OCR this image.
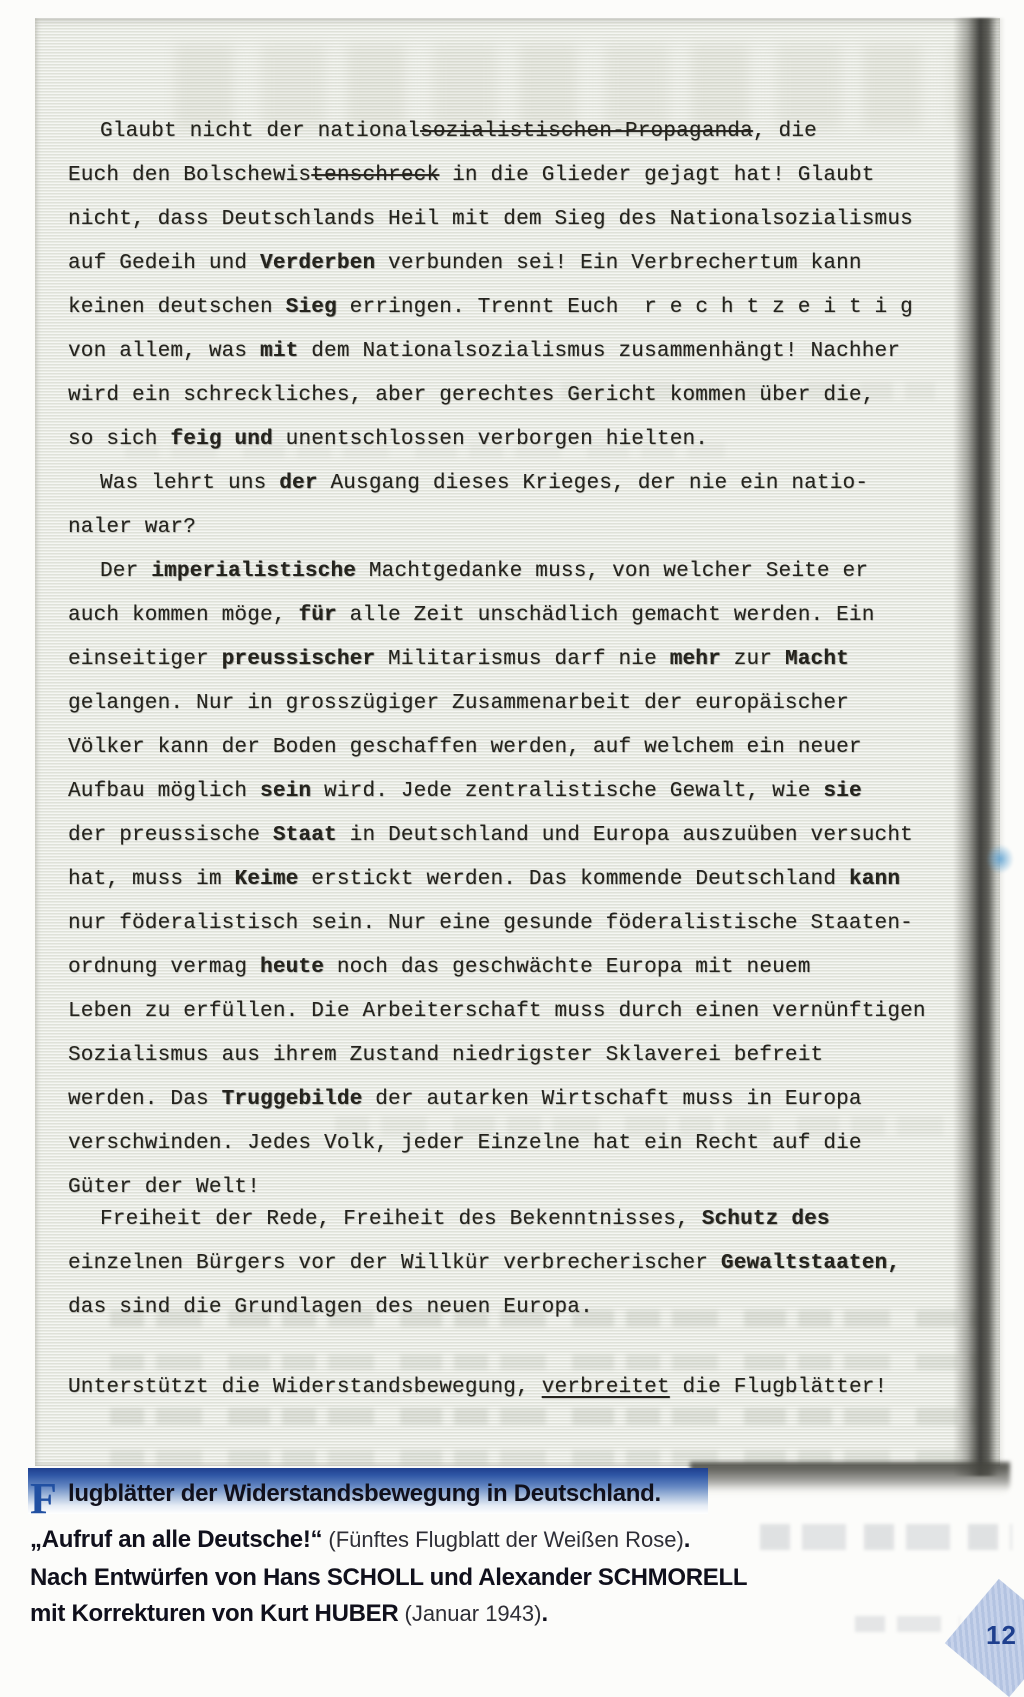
Glaubt nicht der nationalsozialistischen-Propaganda, die
Euch den Bolschewistenschreck in die Glieder gejagt hat! Glaubt
nicht, dass Deutschlands Heil mit dem Sieg des Nationalsozialismus
auf Gedeih und Verderben verbunden sei! Ein Verbrechertum kann
keinen deutschen Sieg erringen. Trennt Euch  r e c h t z e i t i g
von allem, was mit dem Nationalsozialismus zusammenhängt! Nachher
wird ein schreckliches, aber gerechtes Gericht kommen über die,
so sich feig und unentschlossen verborgen hielten.
Was lehrt uns der Ausgang dieses Krieges, der nie ein natio-
naler war?
Der imperialistische Machtgedanke muss, von welcher Seite er
auch kommen möge, für alle Zeit unschädlich gemacht werden. Ein
einseitiger preussischer Militarismus darf nie mehr zur Macht
gelangen. Nur in grosszügiger Zusammenarbeit der europäischer
Völker kann der Boden geschaffen werden, auf welchem ein neuer
Aufbau möglich sein wird. Jede zentralistische Gewalt, wie sie
der preussische Staat in Deutschland und Europa auszuüben versucht
hat, muss im Keime erstickt werden. Das kommende Deutschland kann
nur föderalistisch sein. Nur eine gesunde föderalistische Staaten-
ordnung vermag heute noch das geschwächte Europa mit neuem
Leben zu erfüllen. Die Arbeiterschaft muss durch einen vernünftigen
Sozialismus aus ihrem Zustand niedrigster Sklaverei befreit
werden. Das Truggebilde der autarken Wirtschaft muss in Europa
verschwinden. Jedes Volk, jeder Einzelne hat ein Recht auf die
Güter der Welt!
Freiheit der Rede, Freiheit des Bekenntnisses, Schutz des
einzelnen Bürgers vor der Willkür verbrecherischer Gewaltstaaten,
das sind die Grundlagen des neuen Europa.
Unterstützt die Widerstandsbewegung, verbreitet die Flugblätter!
F lugblätter der Widerstandsbewegung in Deutschland.
„Aufruf an alle Deutsche!“ (Fünftes Flugblatt der Weißen Rose).
Nach Entwürfen von Hans SCHOLL und Alexander SCHMORELL
mit Korrekturen von Kurt HUBER (Januar 1943).
12
